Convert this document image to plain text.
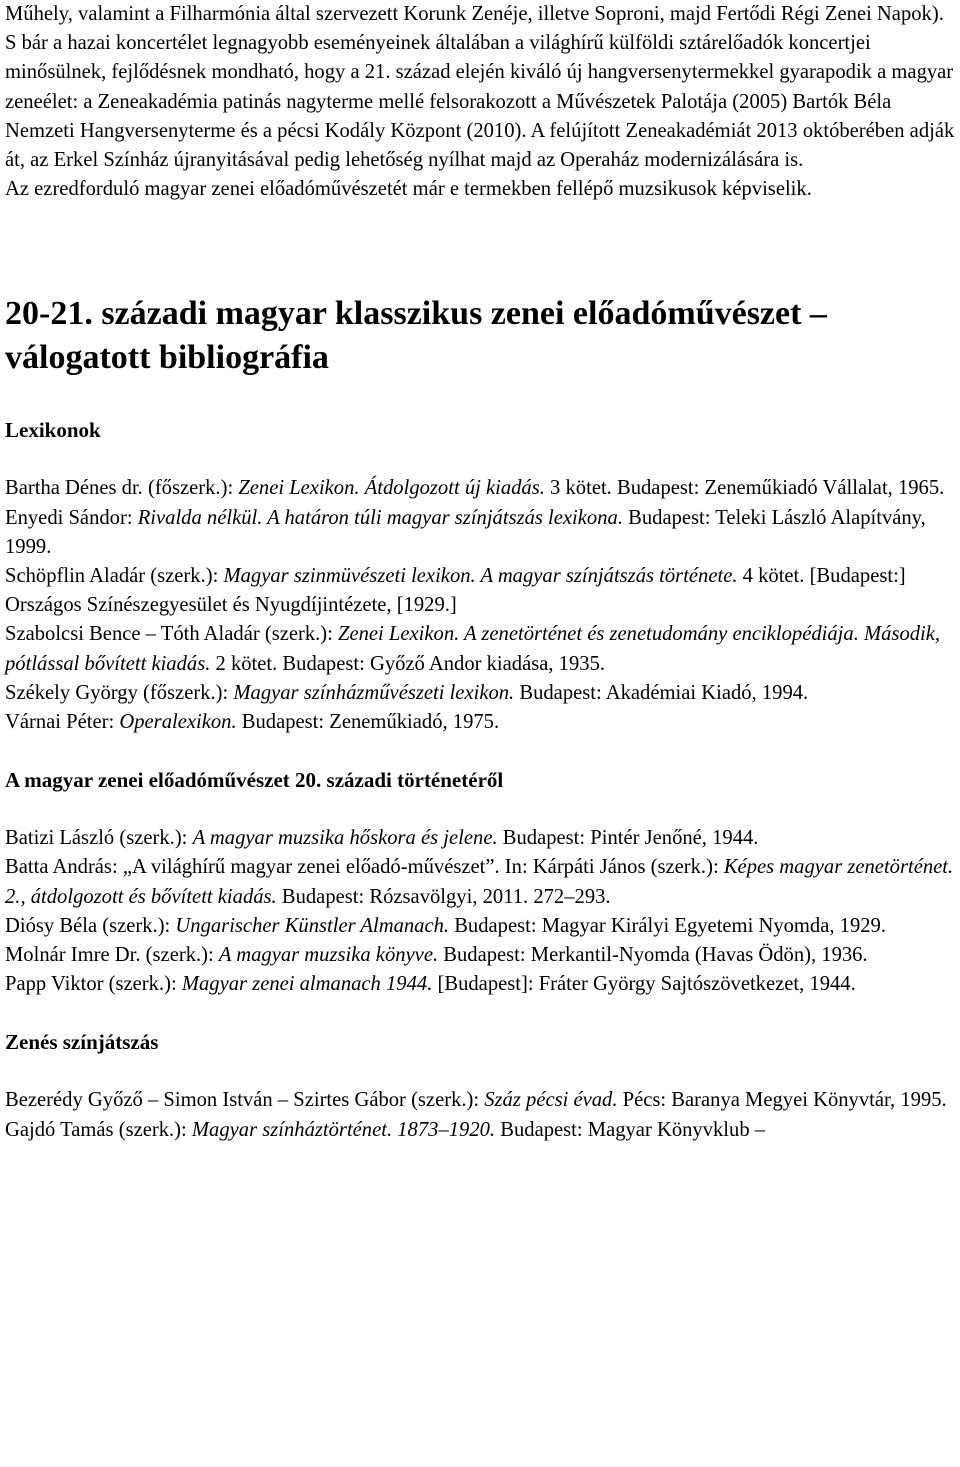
Műhely, valamint a Filharmónia által szervezett Korunk Zenéje, illetve Soproni, majd Fertődi Régi Zenei Napok).

S bár a hazai koncertélet legnagyobb eseményeinek általában a világhírű külföldi sztárelőadók koncertjei minősülnek, fejlődésnek mondható, hogy a 21. század elején kiváló új hangversenytermekkel gyarapodik a magyar zeneélet: a Zeneakadémia patinás nagyterme mellé felsorakozott a Művészetek Palotája (2005) Bartók Béla Nemzeti Hangversenyterme és a pécsi Kodály Központ (2010). A felújított Zeneakadémiát 2013 októberében adják át, az Erkel Színház újranyitásával pedig lehetőség nyílhat majd az Operaház modernizálására is.

Az ezredforduló magyar zenei előadóművészetét már e termekben fellépő muzsikusok képviselik.

20-21. századi magyar klasszikus zenei előadóművészet – válogatott bibliográfia
Lexikonok
Bartha Dénes dr. (főszerk.): Zenei Lexikon. Átdolgozott új kiadás. 3 kötet. Budapest: Zeneműkiadó Vállalat, 1965.
Enyedi Sándor: Rivalda nélkül. A határon túli magyar színjátszás lexikona. Budapest: Teleki László Alapítvány, 1999.
Schöpflin Aladár (szerk.): Magyar szinmüvészeti lexikon. A magyar színjátszás története. 4 kötet. [Budapest:] Országos Színészegyesület és Nyugdíjintézete, [1929.]
Szabolcsi Bence – Tóth Aladár (szerk.): Zenei Lexikon. A zenetörténet és zenetudomány enciklopédiája. Második, pótlással bővített kiadás. 2 kötet. Budapest: Győző Andor kiadása, 1935.
Székely György (főszerk.): Magyar színházművészeti lexikon. Budapest: Akadémiai Kiadó, 1994.
Várnai Péter: Operalexikon. Budapest: Zeneműkiadó, 1975.
A magyar zenei előadóművészet 20. századi történetéről
Batizi László (szerk.): A magyar muzsika hőskora és jelene. Budapest: Pintér Jenőné, 1944.
Batta András: „A világhírű magyar zenei előadó-művészet”. In: Kárpáti János (szerk.): Képes magyar zenetörténet. 2., átdolgozott és bővített kiadás. Budapest: Rózsavölgyi, 2011. 272–293.
Diósy Béla (szerk.): Ungarischer Künstler Almanach. Budapest: Magyar Királyi Egyetemi Nyomda, 1929.
Molnár Imre Dr. (szerk.): A magyar muzsika könyve. Budapest: Merkantil-Nyomda (Havas Ödön), 1936.
Papp Viktor (szerk.): Magyar zenei almanach 1944. [Budapest]: Fráter György Sajtószövetkezet, 1944.
Zenés színjátszás
Bezerédy Győző – Simon István – Szirtes Gábor (szerk.): Száz pécsi évad. Pécs: Baranya Megyei Könyvtár, 1995.
Gajdó Tamás (szerk.): Magyar színháztörténet. 1873–1920. Budapest: Magyar Könyvklub –
